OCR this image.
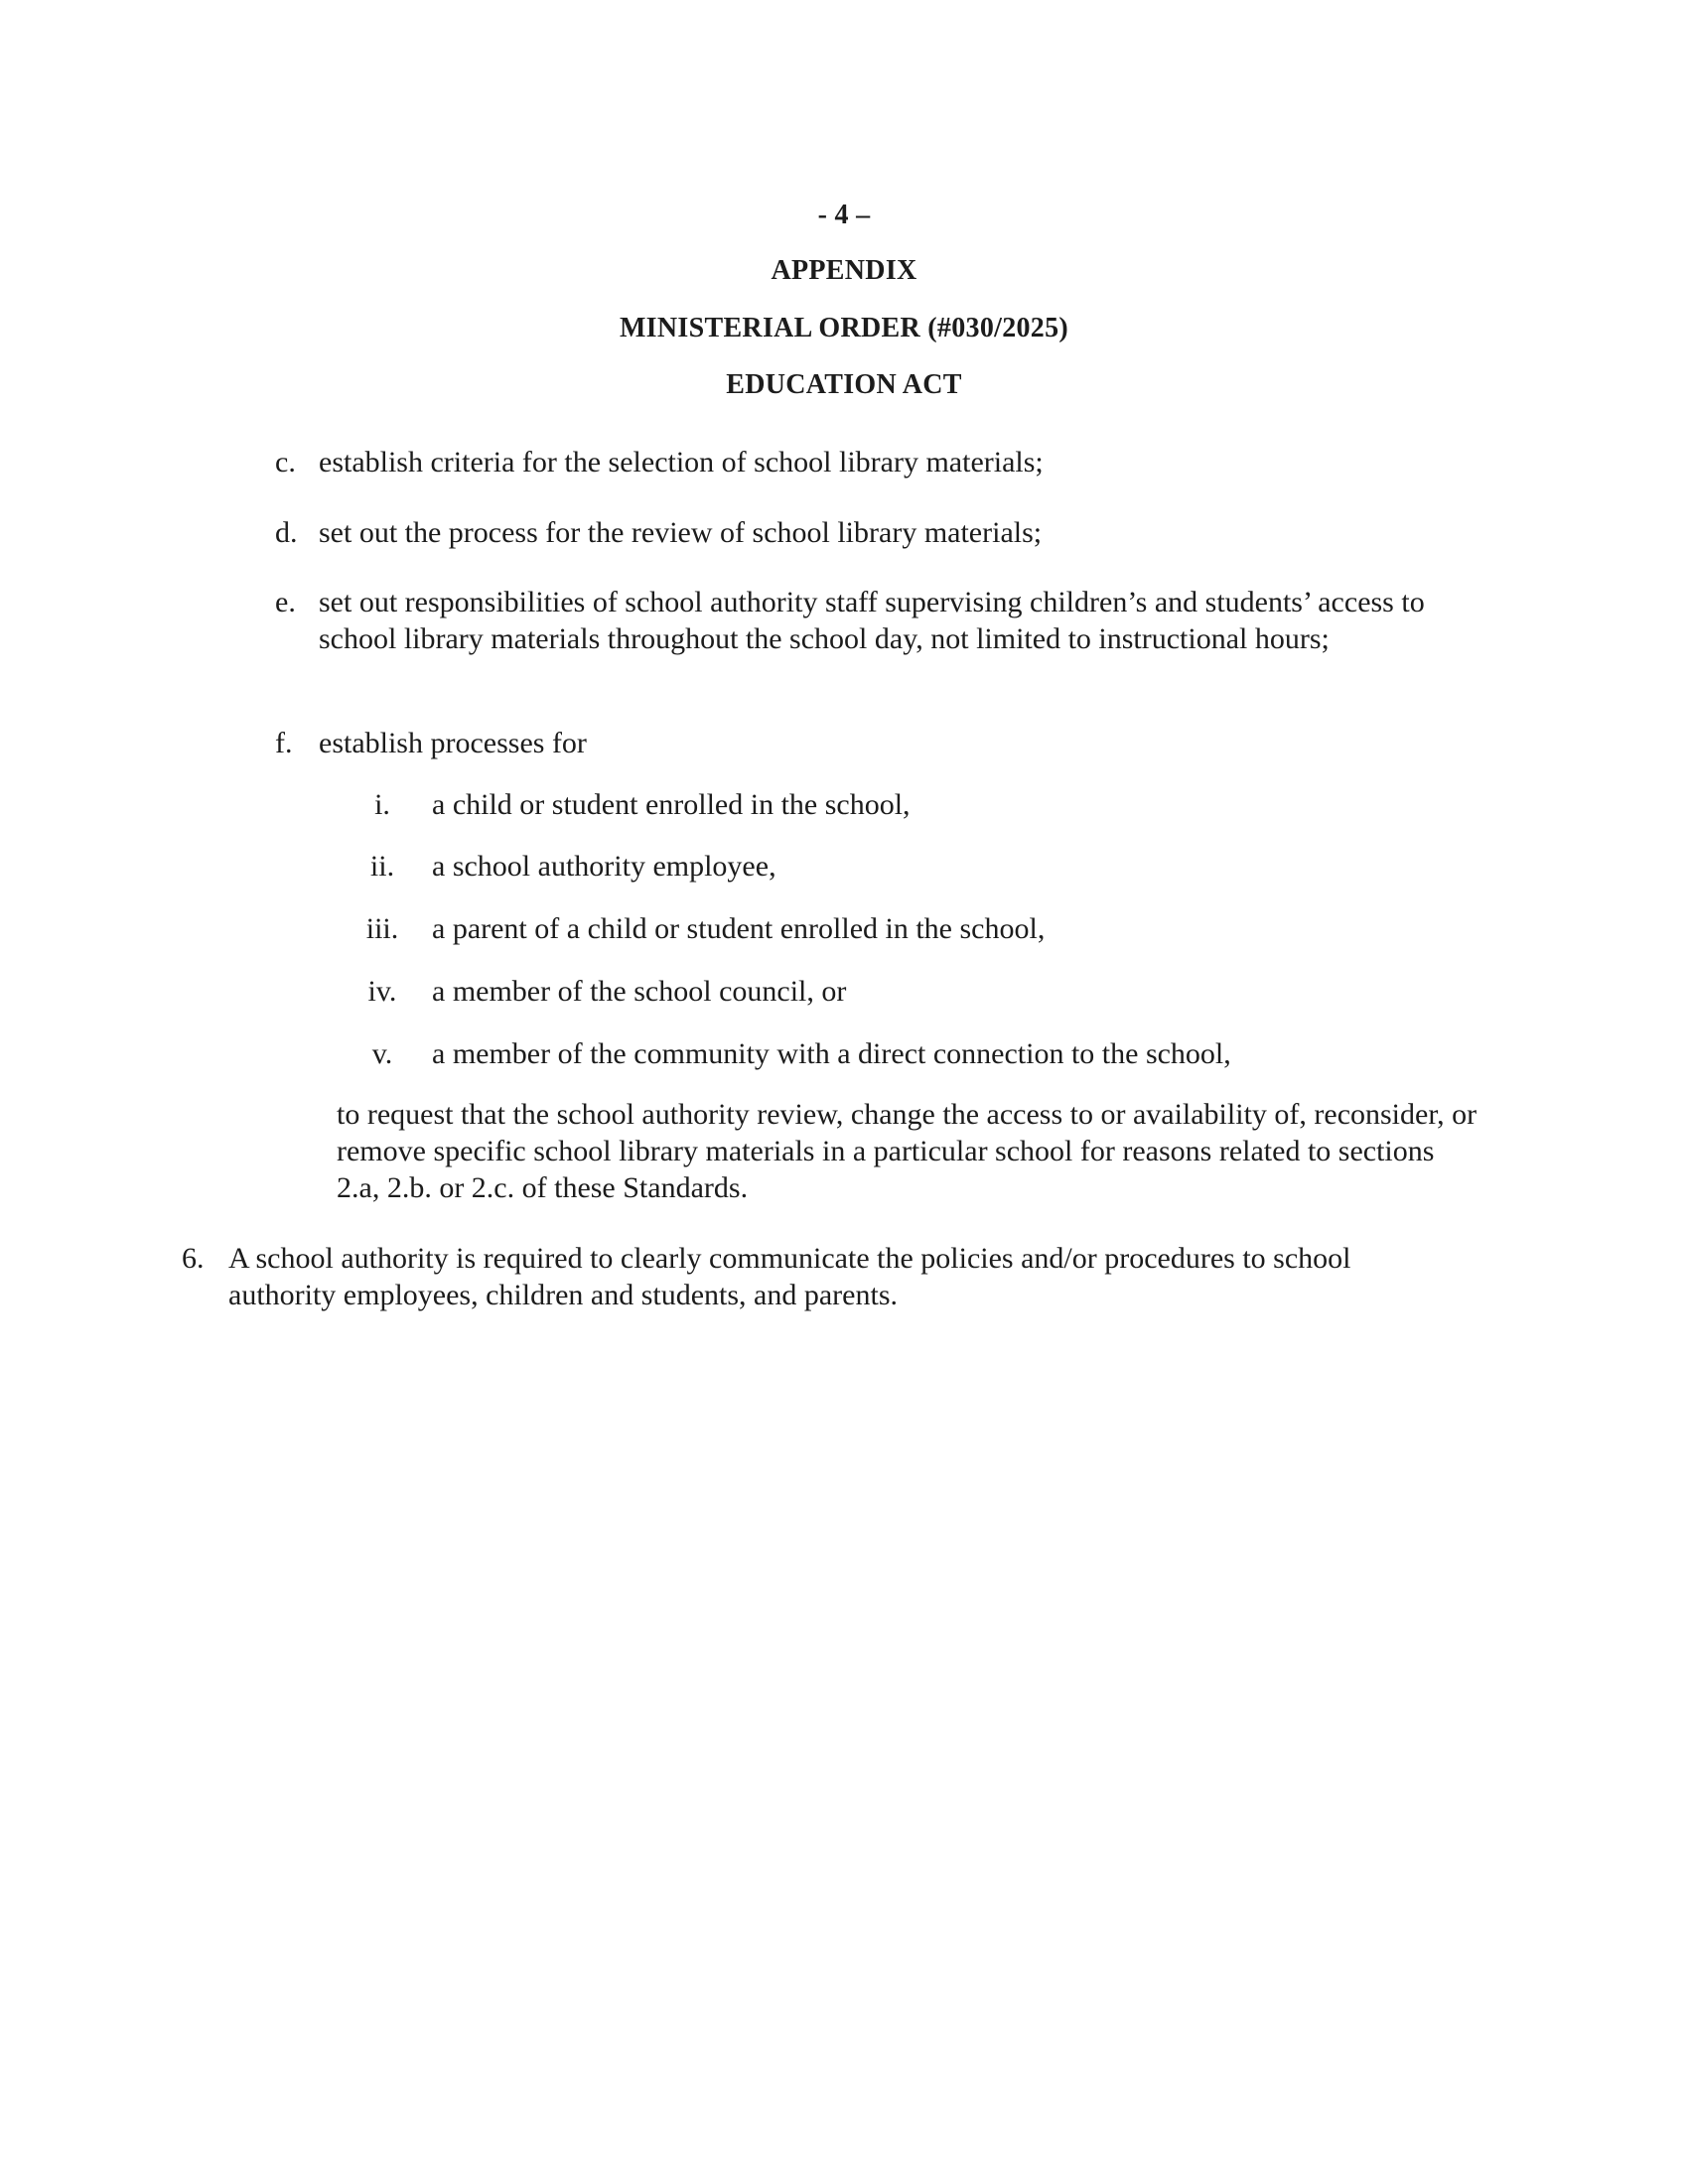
- 4 –
APPENDIX
MINISTERIAL ORDER (#030/2025)
EDUCATION ACT
c. establish criteria for the selection of school library materials;
d. set out the process for the review of school library materials;
e. set out responsibilities of school authority staff supervising children’s and students’ access to school library materials throughout the school day, not limited to instructional hours;
f. establish processes for
i.	a child or student enrolled in the school,
ii.	a school authority employee,
iii.	a parent of a child or student enrolled in the school,
iv.	a member of the school council, or
v.	a member of the community with a direct connection to the school,
to request that the school authority review, change the access to or availability of, reconsider, or remove specific school library materials in a particular school for reasons related to sections 2.a, 2.b. or 2.c. of these Standards.
6. A school authority is required to clearly communicate the policies and/or procedures to school authority employees, children and students, and parents.
